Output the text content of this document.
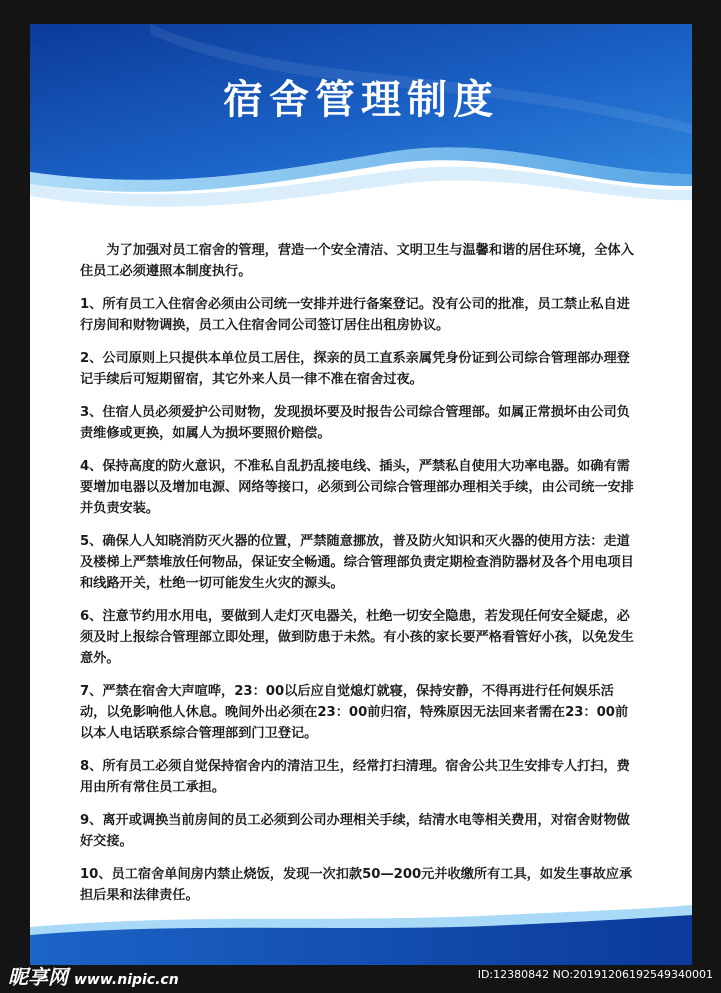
宿舍管理制度

为了加强对员工宿舍的管理，营造一个安全清洁、文明卫生与温馨和谐的居住环境，全体入住员工必须遵照本制度执行。

1、所有员工入住宿舍必须由公司统一安排并进行备案登记。没有公司的批准，员工禁止私自进行房间和财物调换，员工入住宿舍同公司签订居住出租房协议。

2、公司原则上只提供本单位员工居住，探亲的员工直系亲属凭身份证到公司综合管理部办理登记手续后可短期留宿，其它外来人员一律不准在宿舍过夜。

3、住宿人员必须爱护公司财物，发现损坏要及时报告公司综合管理部。如属正常损坏由公司负责维修或更换，如属人为损坏要照价赔偿。

4、保持高度的防火意识，不准私自乱扔乱接电线、插头，严禁私自使用大功率电器。如确有需要增加电器以及增加电源、网络等接口，必须到公司综合管理部办理相关手续，由公司统一安排并负责安装。

5、确保人人知晓消防灭火器的位置，严禁随意挪放，普及防火知识和灭火器的使用方法：走道及楼梯上严禁堆放任何物品，保证安全畅通。综合管理部负责定期检查消防器材及各个用电项目和线路开关，杜绝一切可能发生火灾的源头。

6、注意节约用水用电，要做到人走灯灭电器关，杜绝一切安全隐患，若发现任何安全疑虑，必须及时上报综合管理部立即处理，做到防患于未然。有小孩的家长要严格看管好小孩，以免发生意外。

7、严禁在宿舍大声喧哗，23：00以后应自觉熄灯就寝，保持安静，不得再进行任何娱乐活动，以免影响他人休息。晚间外出必须在23：00前归宿，特殊原因无法回来者需在23：00前以本人电话联系综合管理部到门卫登记。

8、所有员工必须自觉保持宿舍内的清洁卫生，经常打扫清理。宿舍公共卫生安排专人打扫，费用由所有常住员工承担。

9、离开或调换当前房间的员工必须到公司办理相关手续，结清水电等相关费用，对宿舍财物做好交接。

10、员工宿舍单间房内禁止烧饭，发现一次扣款50—200元并收缴所有工具，如发生事故应承担后果和法律责任。

昵享网 www.nipic.cn	ID:12380842 NO:20191206192549340001
